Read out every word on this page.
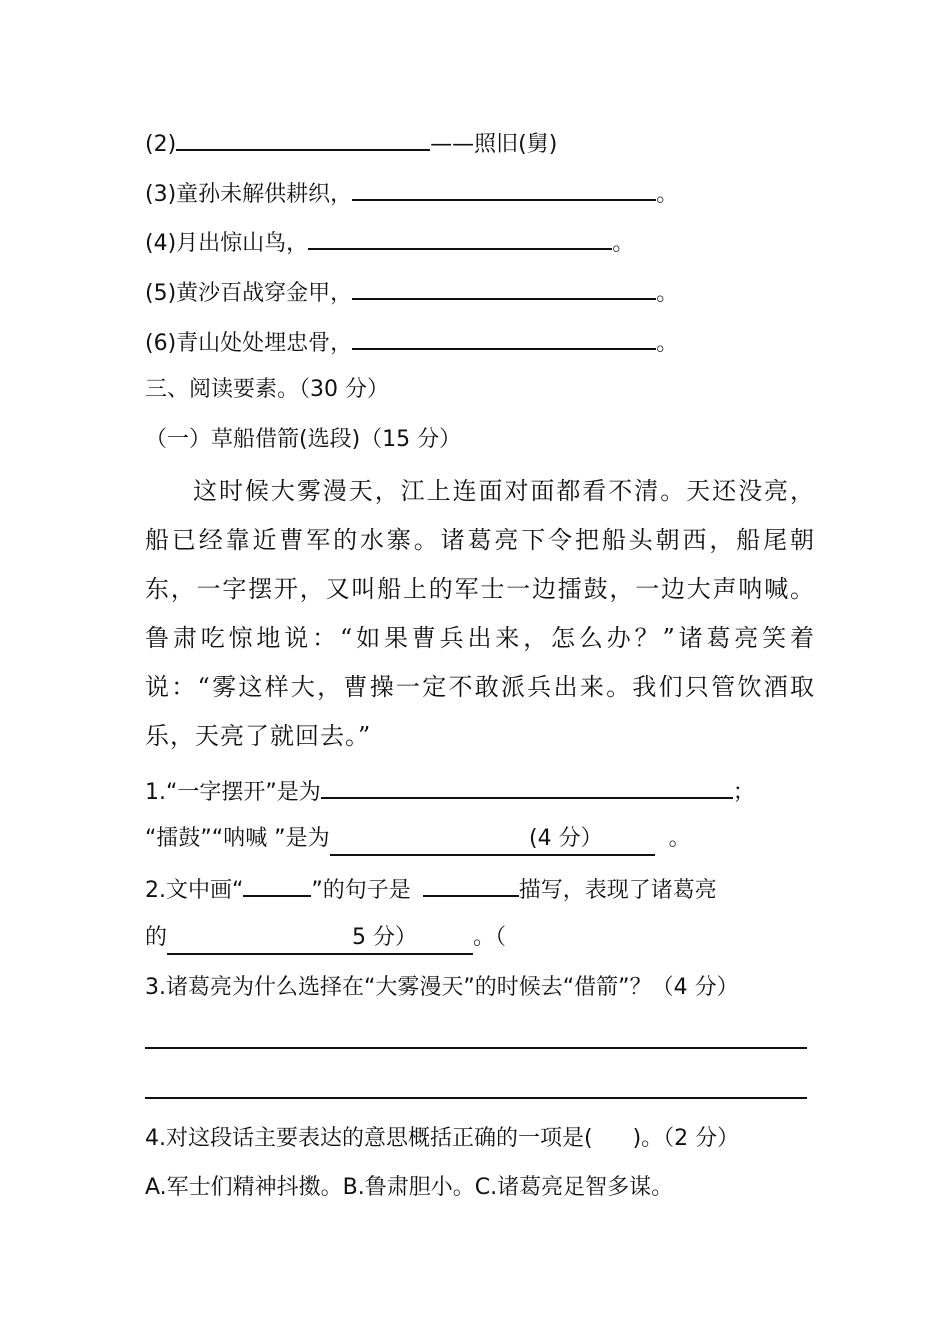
(2)	——照旧(舅)
(3)童孙未解供耕织，	。
(4)月出惊山鸟，	。
(5)黄沙百战穿金甲，	。
(6)青山处处埋忠骨，	。
三、阅读要素。（30 分）
（一）草船借箭(选段)（15 分）
这时候大雾漫天，江上连面对面都看不清。天还没亮，船已经靠近曹军的水寨。诸葛亮下令把船头朝西，船尾朝东，一字摆开，又叫船上的军士一边擂鼓，一边大声呐喊。鲁肃吃惊地说：“如果曹兵出来，怎么办？”诸葛亮笑着说：“雾这样大，曹操一定不敢派兵出来。我们只管饮酒取乐，天亮了就回去。”
1.“一字摆开”是为	；
“擂鼓”“呐喊 ”是为	(4 分）	。
2.文中画“	”的句子是	描写，表现了诸葛亮
的	5 分）	。（
3.诸葛亮为什么选择在“大雾漫天”的时候去“借箭”？（4 分）
4.对这段话主要表达的意思概括正确的一项是( )。（2 分）
A.军士们精神抖擞。B.鲁肃胆小。C.诸葛亮足智多谋。
